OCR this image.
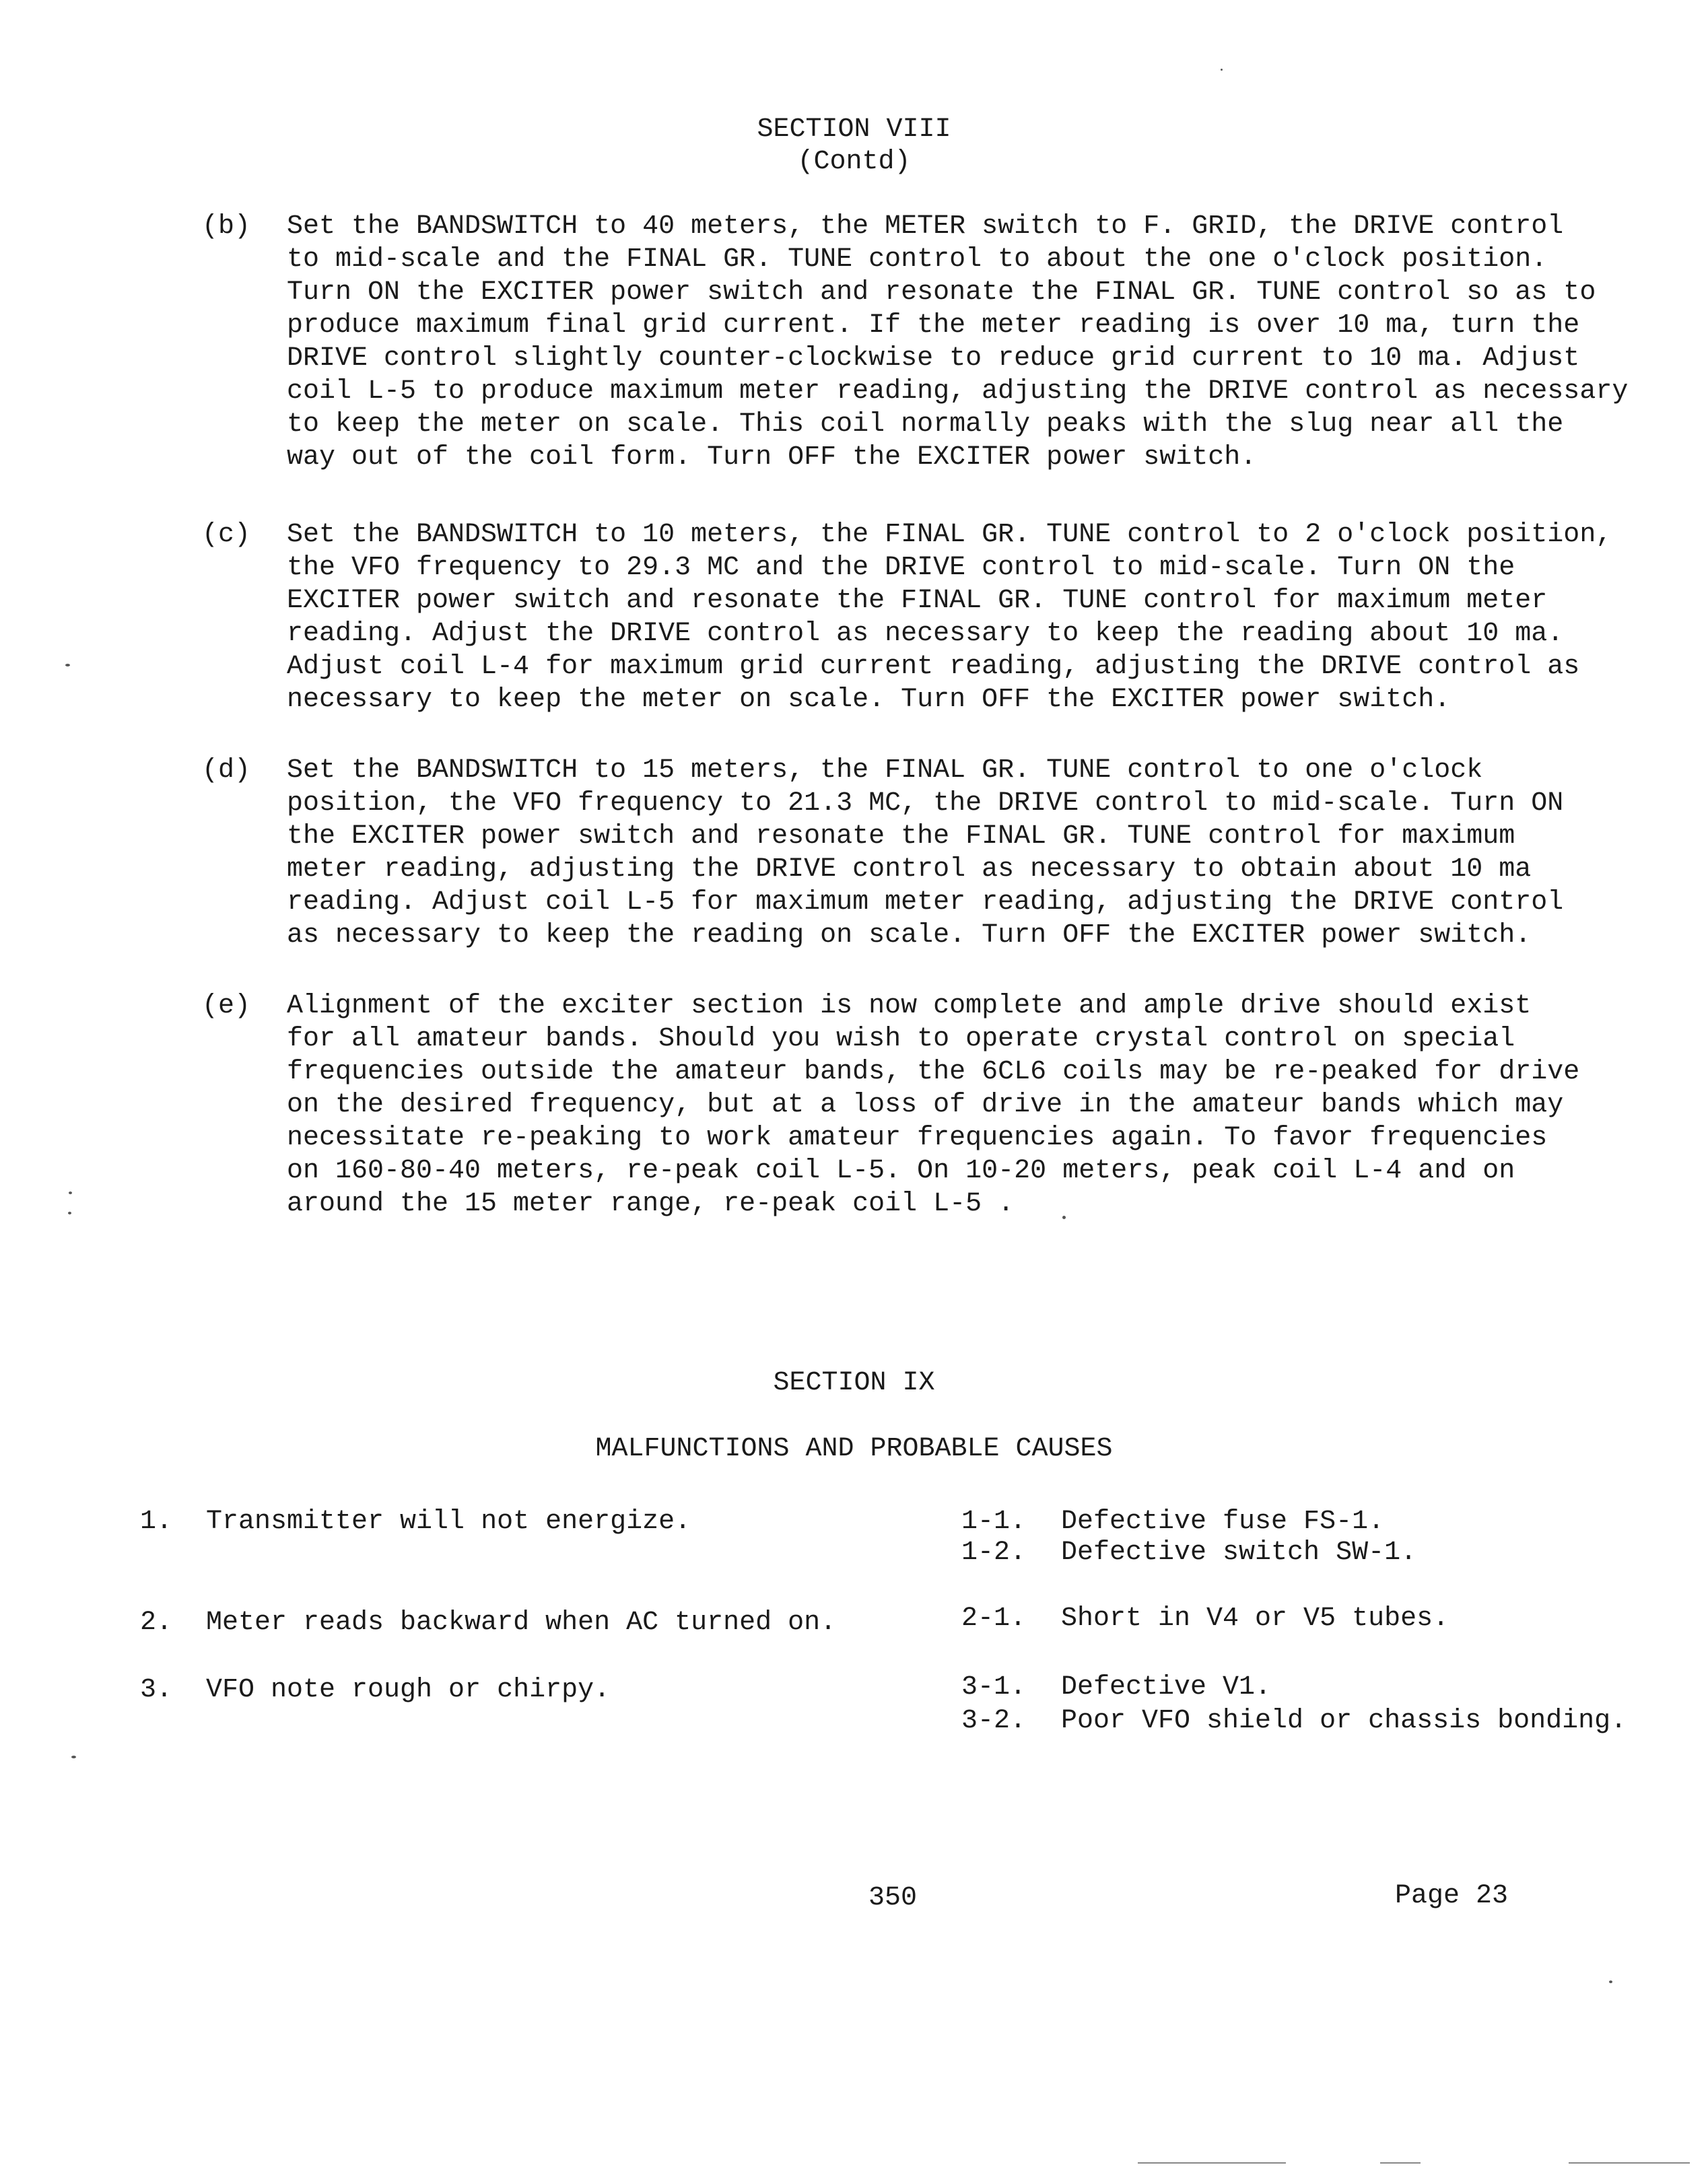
SECTION VIII
(Contd)
(b) Set the BANDSWITCH to 40 meters, the METER switch to F. GRID, the DRIVE control
to mid-scale and the FINAL GR. TUNE control to about the one o'clock position.
Turn ON the EXCITER power switch and resonate the FINAL GR. TUNE control so as to
produce maximum final grid current. If the meter reading is over 10 ma, turn the
DRIVE control slightly counter-clockwise to reduce grid current to 10 ma. Adjust
coil L-5 to produce maximum meter reading, adjusting the DRIVE control as necessary
to keep the meter on scale. This coil normally peaks with the slug near all the
way out of the coil form. Turn OFF the EXCITER power switch.
(c) Set the BANDSWITCH to 10 meters, the FINAL GR. TUNE control to 2 o'clock position,
the VFO frequency to 29.3 MC and the DRIVE control to mid-scale. Turn ON the
EXCITER power switch and resonate the FINAL GR. TUNE control for maximum meter
reading. Adjust the DRIVE control as necessary to keep the reading about 10 ma.
Adjust coil L-4 for maximum grid current reading, adjusting the DRIVE control as
necessary to keep the meter on scale. Turn OFF the EXCITER power switch.
(d) Set the BANDSWITCH to 15 meters, the FINAL GR. TUNE control to one o'clock
position, the VFO frequency to 21.3 MC, the DRIVE control to mid-scale. Turn ON
the EXCITER power switch and resonate the FINAL GR. TUNE control for maximum
meter reading, adjusting the DRIVE control as necessary to obtain about 10 ma
reading. Adjust coil L-5 for maximum meter reading, adjusting the DRIVE control
as necessary to keep the reading on scale. Turn OFF the EXCITER power switch.
(e) Alignment of the exciter section is now complete and ample drive should exist
for all amateur bands. Should you wish to operate crystal control on special
frequencies outside the amateur bands, the 6CL6 coils may be re-peaked for drive
on the desired frequency, but at a loss of drive in the amateur bands which may
necessitate re-peaking to work amateur frequencies again. To favor frequencies
on 160-80-40 meters, re-peak coil L-5. On 10-20 meters, peak coil L-4 and on
around the 15 meter range, re-peak coil L-5 .
SECTION IX
MALFUNCTIONS AND PROBABLE CAUSES
1. Transmitter will not energize.	1-1. Defective fuse FS-1.
1-2. Defective switch SW-1.
2. Meter reads backward when AC turned on.	2-1. Short in V4 or V5 tubes.
3. VFO note rough or chirpy.	3-1. Defective V1.
3-2. Poor VFO shield or chassis bonding.
350	Page 23
